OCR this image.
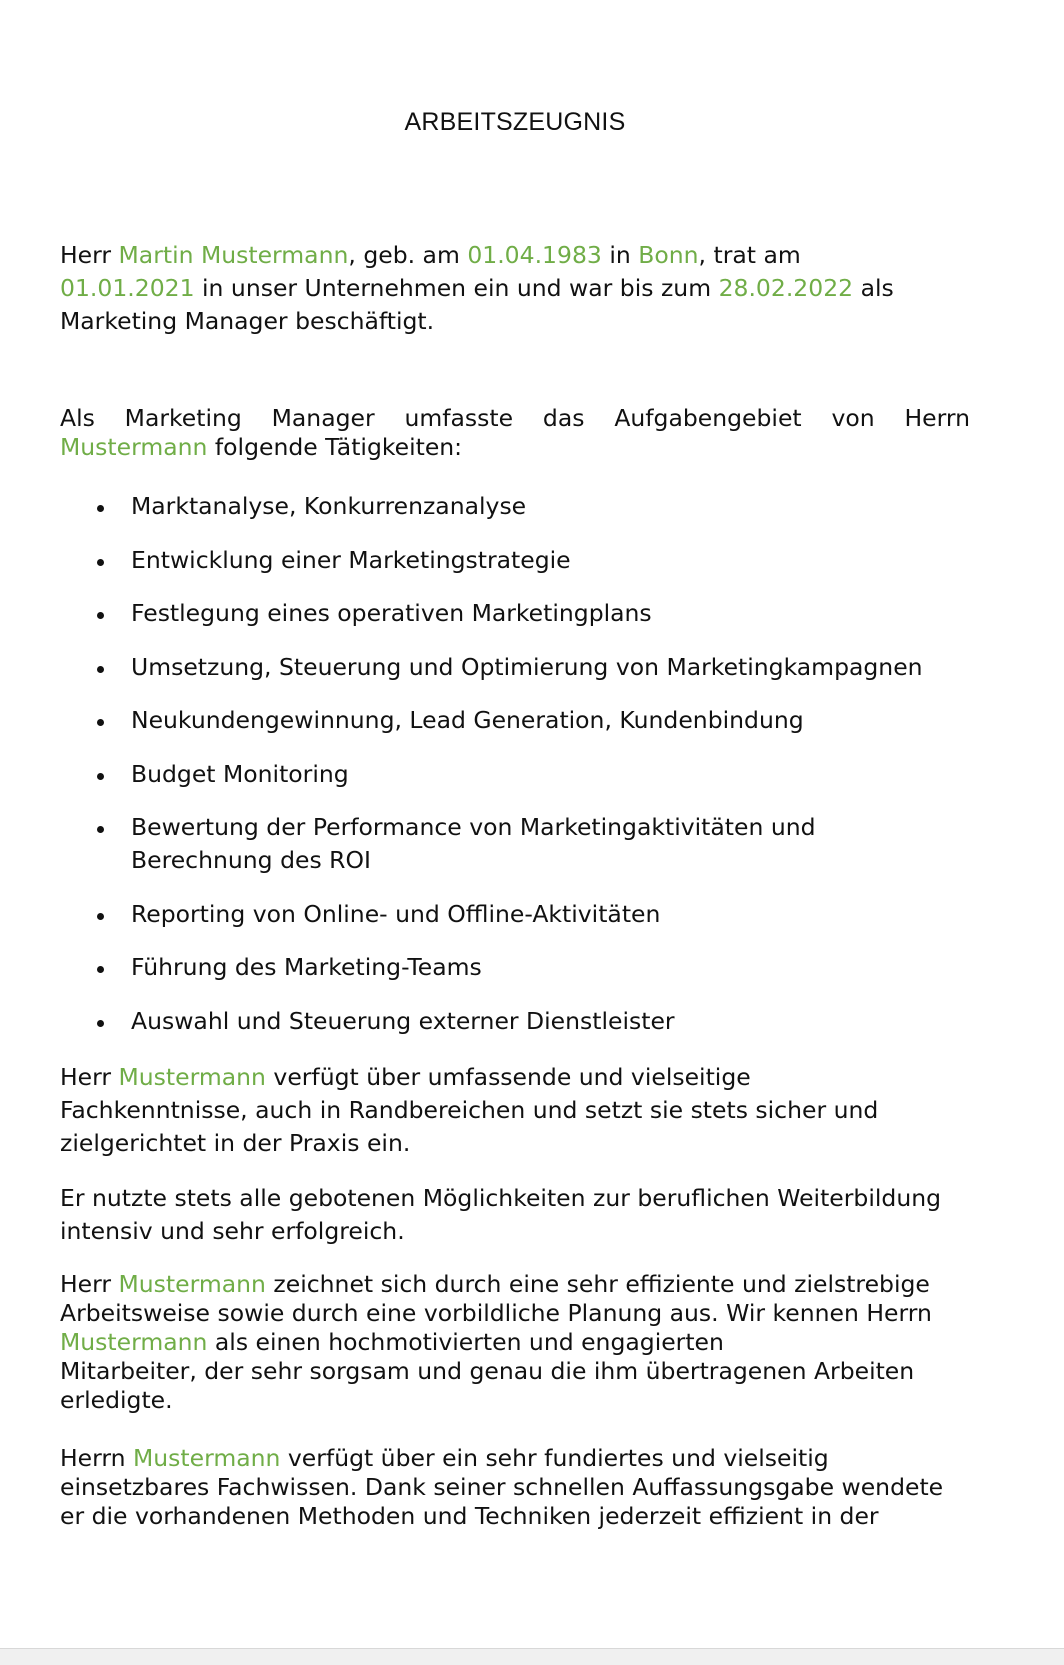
ARBEITSZEUGNIS

Herr Martin Mustermann, geb. am 01.04.1983 in Bonn, trat am
01.01.2021 in unser Unternehmen ein und war bis zum 28.02.2022 als
Marketing Manager beschäftigt.

Als Marketing Manager umfasste das Aufgabengebiet von Herrn
Mustermann folgende Tätigkeiten:

Marktanalyse, Konkurrenzanalyse
Entwicklung einer Marketingstrategie
Festlegung eines operativen Marketingplans
Umsetzung, Steuerung und Optimierung von Marketingkampagnen
Neukundengewinnung, Lead Generation, Kundenbindung
Budget Monitoring
Bewertung der Performance von Marketingaktivitäten und Berechnung des ROI
Reporting von Online- und Offline-Aktivitäten
Führung des Marketing-Teams
Auswahl und Steuerung externer Dienstleister

Herr Mustermann verfügt über umfassende und vielseitige Fachkenntnisse, auch in Randbereichen und setzt sie stets sicher und zielgerichtet in der Praxis ein.

Er nutzte stets alle gebotenen Möglichkeiten zur beruflichen Weiterbildung intensiv und sehr erfolgreich.

Herr Mustermann zeichnet sich durch eine sehr effiziente und zielstrebige Arbeitsweise sowie durch eine vorbildliche Planung aus. Wir kennen Herrn
Mustermann als einen hochmotivierten und engagierten
Mitarbeiter, der sehr sorgsam und genau die ihm übertragenen Arbeiten erledigte.

Herrn Mustermann verfügt über ein sehr fundiertes und vielseitig einsetzbares Fachwissen. Dank seiner schnellen Auffassungsgabe wendete er die vorhandenen Methoden und Techniken jederzeit effizient in der
